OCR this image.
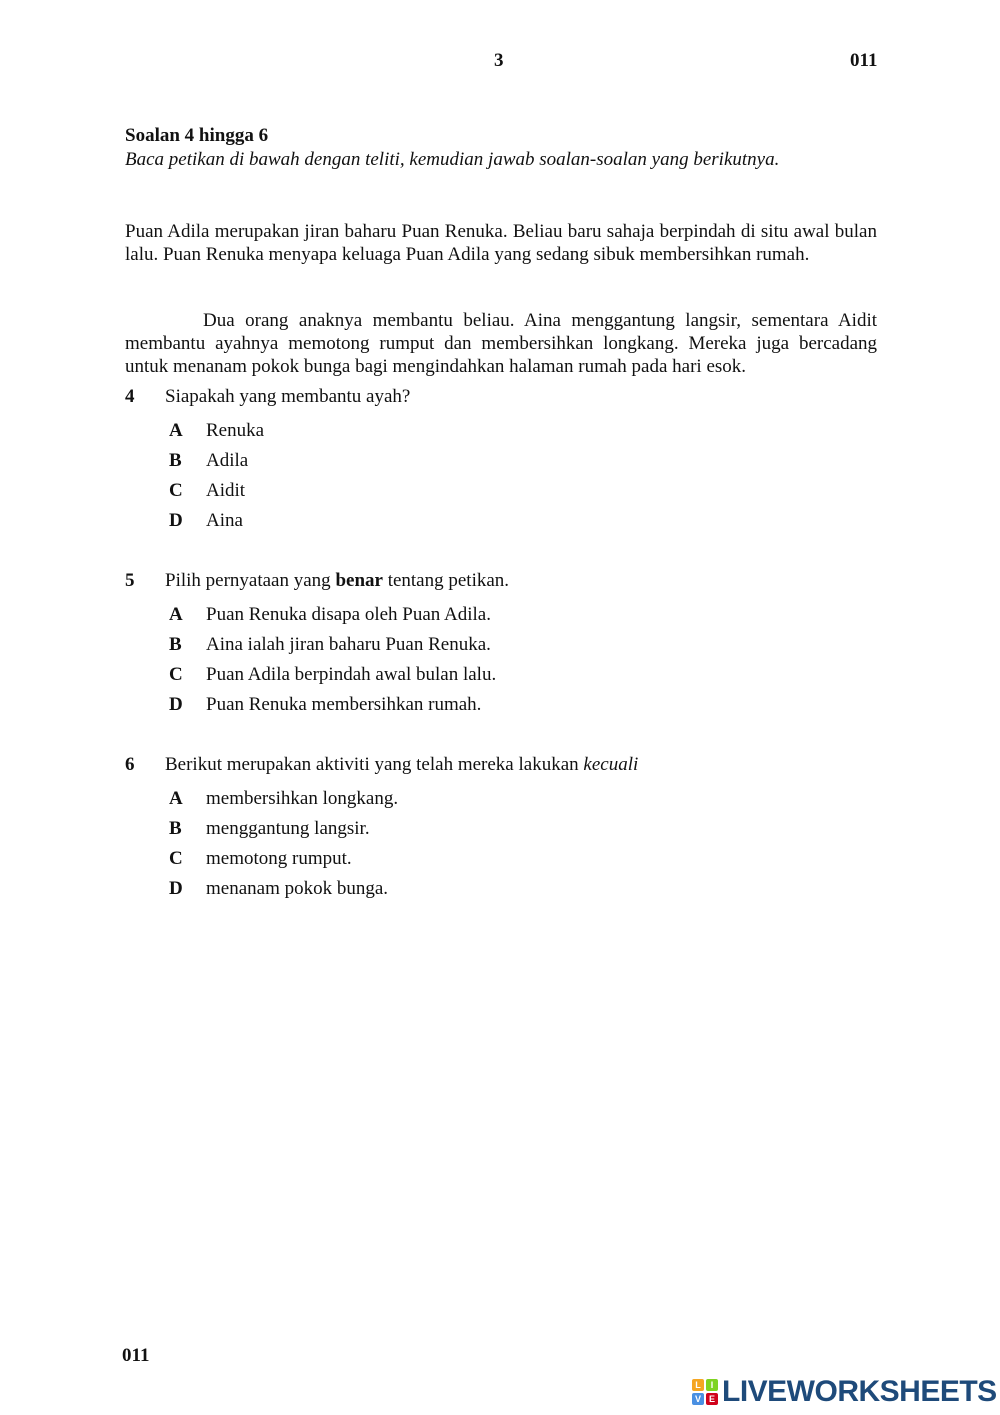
3	011
Soalan 4 hingga 6
Baca petikan di bawah dengan teliti, kemudian jawab soalan-soalan yang berikutnya.

Puan Adila merupakan jiran baharu Puan Renuka. Beliau baru sahaja berpindah di situ awal bulan lalu. Puan Renuka menyapa keluaga Puan Adila yang sedang sibuk membersihkan rumah.

Dua orang anaknya membantu beliau. Aina menggantung langsir, sementara Aidit membantu ayahnya memotong rumput dan membersihkan longkang. Mereka juga bercadang untuk menanam pokok bunga bagi mengindahkan halaman rumah pada hari esok.

4 Siapakah yang membantu ayah?
A Renuka
B Adila
C Aidit
D Aina
5 Pilih pernyataan yang benar tentang petikan.
A Puan Renuka disapa oleh Puan Adila.
B Aina ialah jiran baharu Puan Renuka.
C Puan Adila berpindah awal bulan lalu.
D Puan Renuka membersihkan rumah.
6 Berikut merupakan aktiviti yang telah mereka lakukan kecuali
A membersihkan longkang.
B menggantung langsir.
C memotong rumput.
D menanam pokok bunga.
011
L	I
V E LIVEWORKSHEETS
